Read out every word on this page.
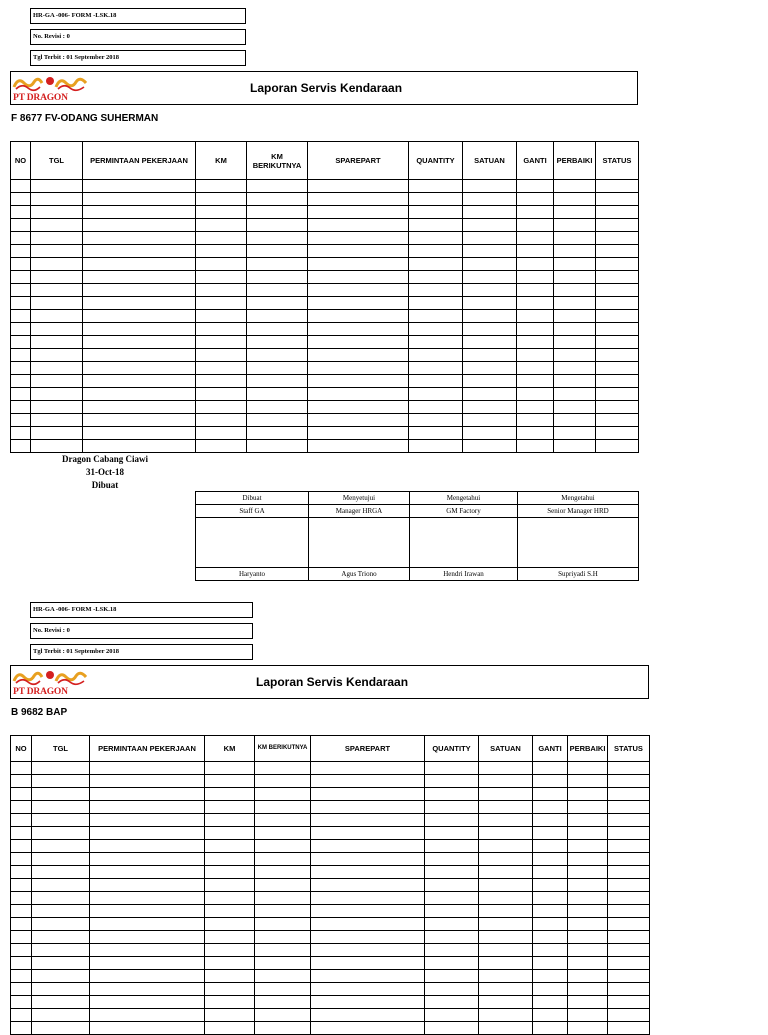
HR-GA -006- FORM -LSK.18
No. Revisi : 0
Tgl Terbit : 01 September 2018
PT DRAGON
Laporan Servis Kendaraan
F 8677 FV-ODANG SUHERMAN
NO	TGL	PERMINTAAN PEKERJAAN	KM	KM BERIKUTNYA	SPAREPART	QUANTITY	SATUAN	GANTI	PERBAIKI	STATUS

Dragon Cabang Ciawi
31-Oct-18
Dibuat
Dibuat	Menyetujui	Mengetahui	Mengetahui
Staff GA	Manager HRGA	GM Factory	Senior Manager HRD

Haryanto	Agus Triono	Hendri Irawan	Supriyadi S.H
HR-GA -006- FORM -LSK.18
No. Revisi : 0
Tgl Terbit : 01 September 2018
PT DRAGON
Laporan Servis Kendaraan
B 9682 BAP
NO	TGL	PERMINTAAN PEKERJAAN	KM	KM BERIKUTNYA	SPAREPART	QUANTITY	SATUAN	GANTI	PERBAIKI	STATUS
